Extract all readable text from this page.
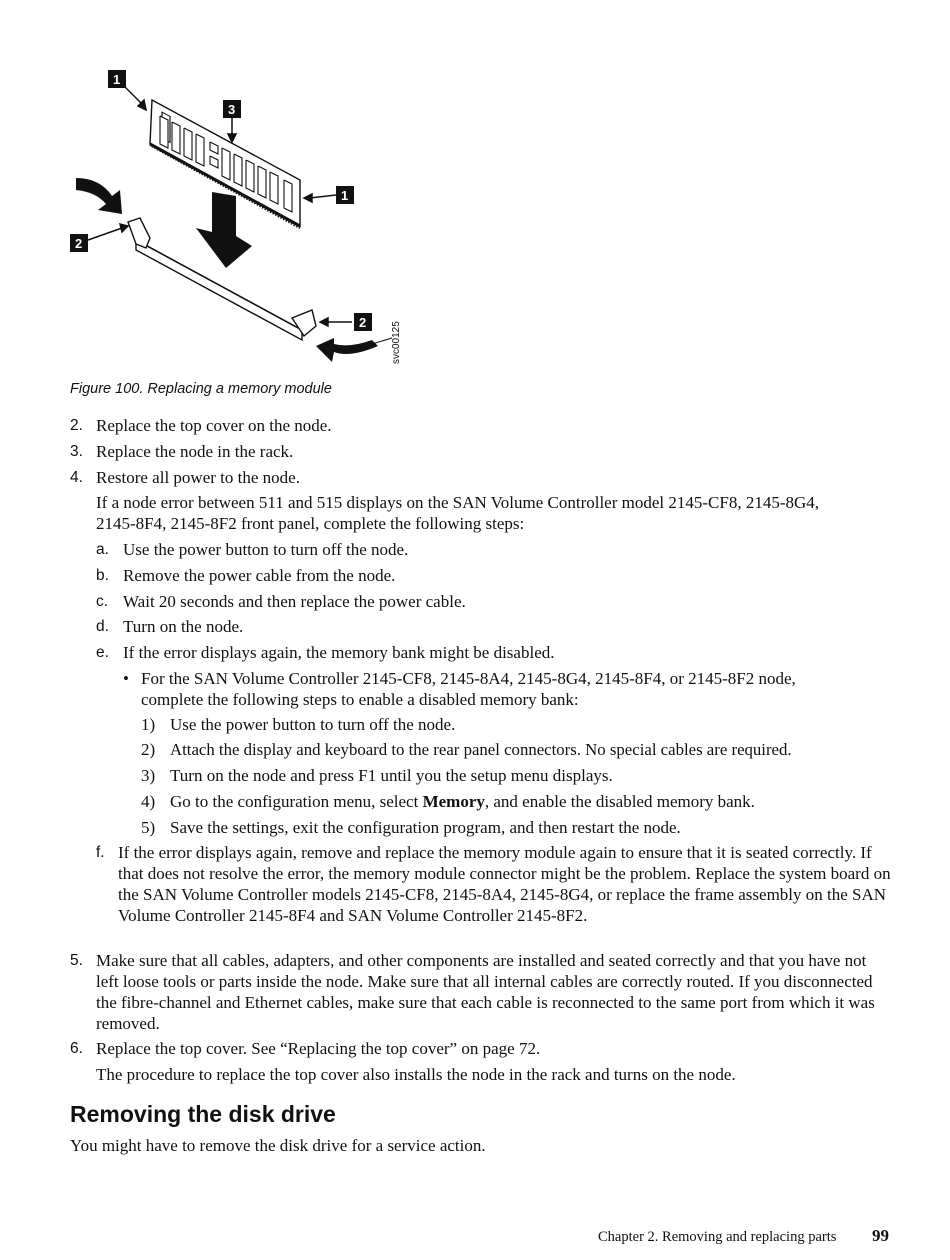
1
3
1
2
2 svc00125
Figure 100. Replacing a memory module
2. Replace the top cover on the node.
3. Replace the node in the rack.
4. Restore all power to the node.
If a node error between 511 and 515 displays on the SAN Volume Controller model 2145-CF8, 2145-8G4, 2145-8F4, 2145-8F2 front panel, complete the following steps:
a. Use the power button to turn off the node.
b. Remove the power cable from the node.
c. Wait 20 seconds and then replace the power cable.
d. Turn on the node.
e. If the error displays again, the memory bank might be disabled.
• For the SAN Volume Controller 2145-CF8, 2145-8A4, 2145-8G4, 2145-8F4, or 2145-8F2 node, complete the following steps to enable a disabled memory bank:
1) Use the power button to turn off the node.
2) Attach the display and keyboard to the rear panel connectors. No special cables are required.
3) Turn on the node and press F1 until you the setup menu displays.
4) Go to the configuration menu, select Memory, and enable the disabled memory bank.
5) Save the settings, exit the configuration program, and then restart the node.
f. If the error displays again, remove and replace the memory module again to ensure that it is seated correctly. If that does not resolve the error, the memory module connector might be the problem. Replace the system board on the SAN Volume Controller models 2145-CF8, 2145-8A4, 2145-8G4, or replace the frame assembly on the SAN Volume Controller 2145-8F4 and SAN Volume Controller 2145-8F2.
5. Make sure that all cables, adapters, and other components are installed and seated correctly and that you have not left loose tools or parts inside the node. Make sure that all internal cables are correctly routed. If you disconnected the fibre-channel and Ethernet cables, make sure that each cable is reconnected to the same port from which it was removed.
6. Replace the top cover. See “Replacing the top cover” on page 72.
The procedure to replace the top cover also installs the node in the rack and turns on the node.
Removing the disk drive
You might have to remove the disk drive for a service action.
Chapter 2. Removing and replacing parts 99
